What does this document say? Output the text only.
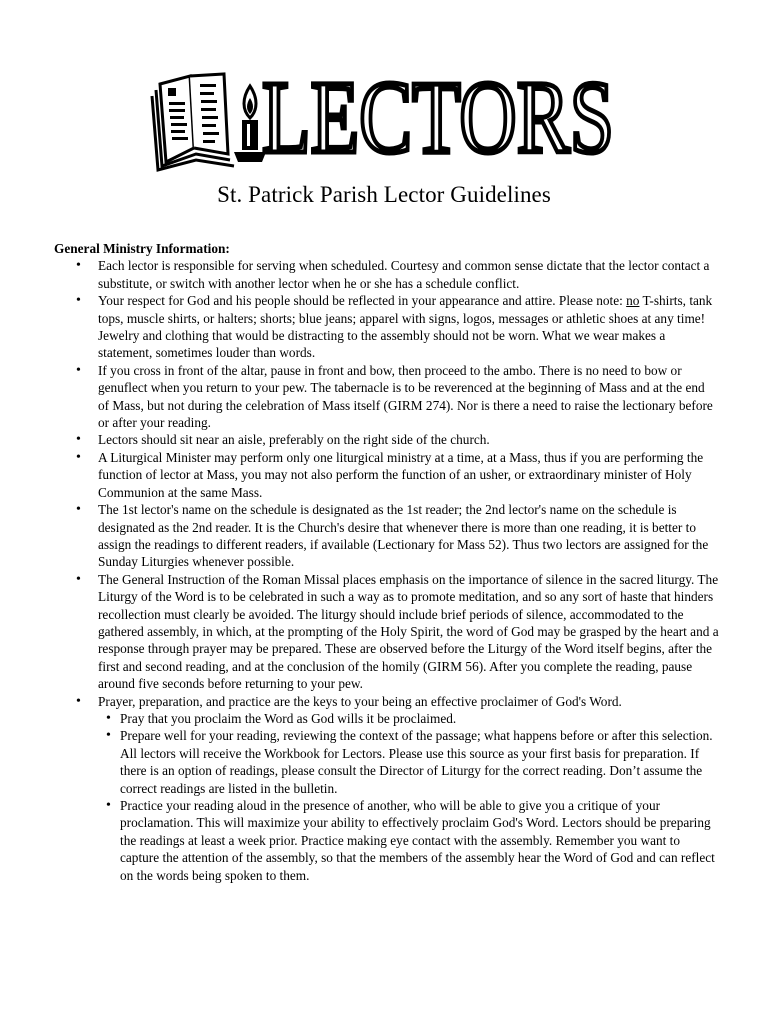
LECTORS
St. Patrick Parish Lector Guidelines
General Ministry Information:
• Each lector is responsible for serving when scheduled. Courtesy and common sense dictate that the lector contact a substitute, or switch with another lector when he or she has a schedule conflict.
• Your respect for God and his people should be reflected in your appearance and attire. Please note: no T-shirts, tank tops, muscle shirts, or halters; shorts; blue jeans; apparel with signs, logos, messages or athletic shoes at any time! Jewelry and clothing that would be distracting to the assembly should not be worn. What we wear makes a statement, sometimes louder than words.
• If you cross in front of the altar, pause in front and bow, then proceed to the ambo. There is no need to bow or genuflect when you return to your pew. The tabernacle is to be reverenced at the beginning of Mass and at the end of Mass, but not during the celebration of Mass itself (GIRM 274). Nor is there a need to raise the lectionary before or after your reading.
• Lectors should sit near an aisle, preferably on the right side of the church.
• A Liturgical Minister may perform only one liturgical ministry at a time, at a Mass, thus if you are performing the function of lector at Mass, you may not also perform the function of an usher, or extraordinary minister of Holy Communion at the same Mass.
• The 1st lector's name on the schedule is designated as the 1st reader; the 2nd lector's name on the schedule is designated as the 2nd reader. It is the Church's desire that whenever there is more than one reading, it is better to assign the readings to different readers, if available (Lectionary for Mass 52). Thus two lectors are assigned for the Sunday Liturgies whenever possible.
• The General Instruction of the Roman Missal places emphasis on the importance of silence in the sacred liturgy. The Liturgy of the Word is to be celebrated in such a way as to promote meditation, and so any sort of haste that hinders recollection must clearly be avoided. The liturgy should include brief periods of silence, accommodated to the gathered assembly, in which, at the prompting of the Holy Spirit, the word of God may be grasped by the heart and a response through prayer may be prepared. These are observed before the Liturgy of the Word itself begins, after the first and second reading, and at the conclusion of the homily (GIRM 56). After you complete the reading, pause around five seconds before returning to your pew.
• Prayer, preparation, and practice are the keys to your being an effective proclaimer of God's Word.
• Pray that you proclaim the Word as God wills it be proclaimed.
• Prepare well for your reading, reviewing the context of the passage; what happens before or after this selection. All lectors will receive the Workbook for Lectors. Please use this source as your first basis for preparation. If there is an option of readings, please consult the Director of Liturgy for the correct reading. Don’t assume the correct readings are listed in the bulletin.
• Practice your reading aloud in the presence of another, who will be able to give you a critique of your proclamation. This will maximize your ability to effectively proclaim God's Word. Lectors should be preparing the readings at least a week prior. Practice making eye contact with the assembly. Remember you want to capture the attention of the assembly, so that the members of the assembly hear the Word of God and can reflect on the words being spoken to them.
